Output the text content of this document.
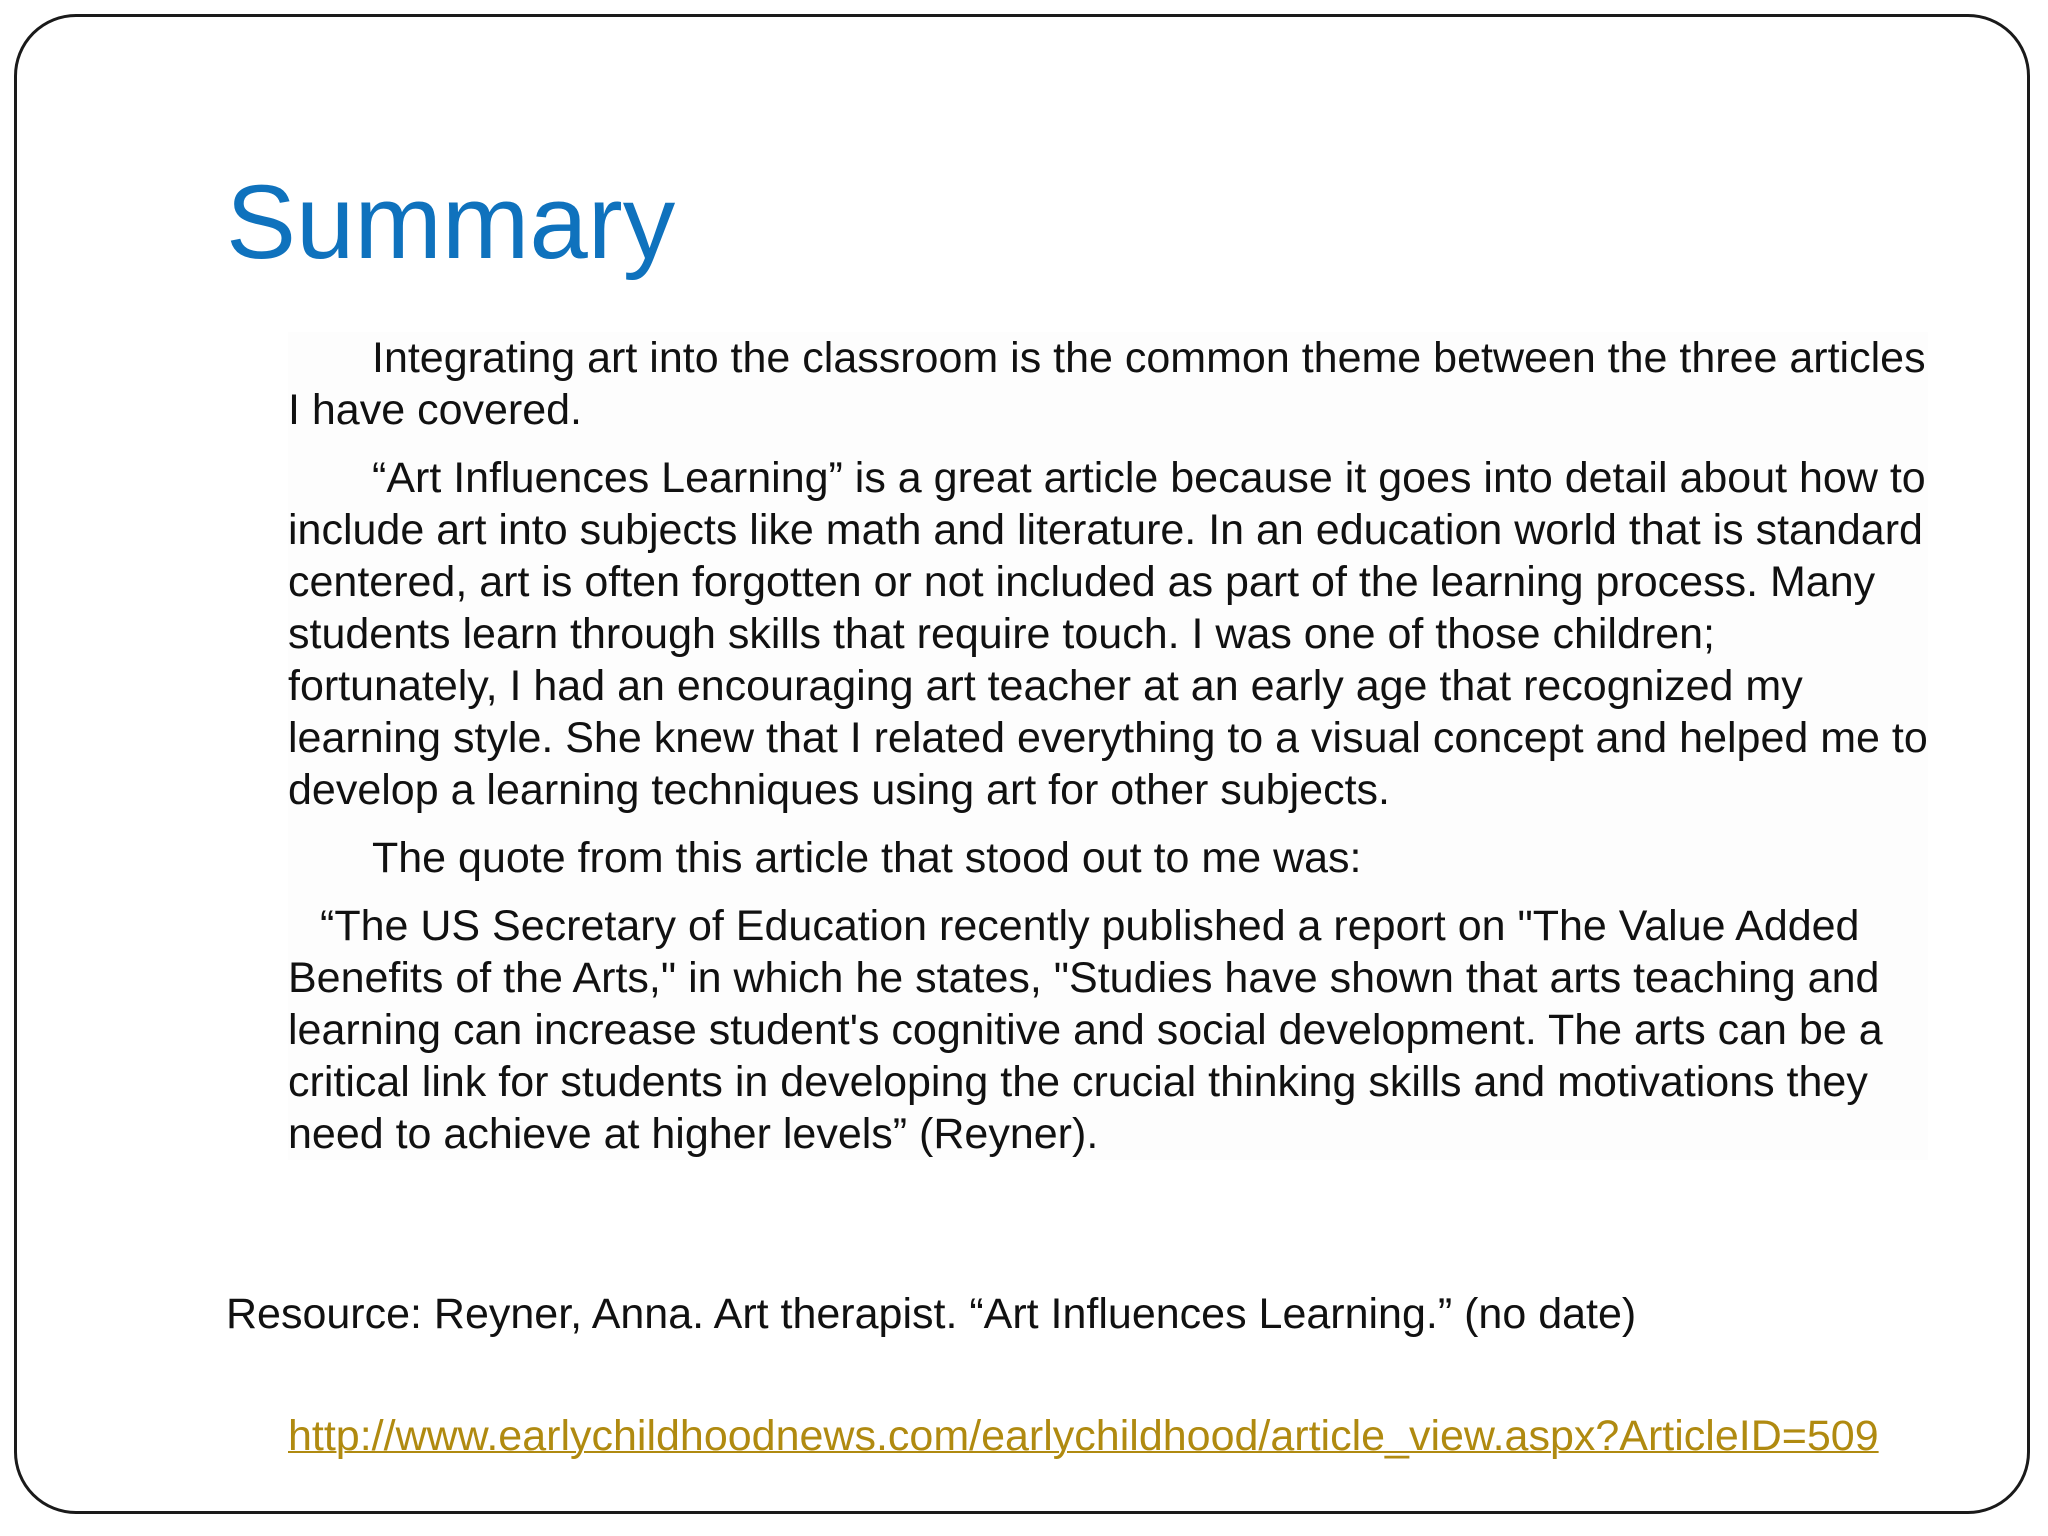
Summary

Integrating art into the classroom is the common theme between the three articles I have covered.

“Art Influences Learning” is a great article because it goes into detail about how to include art into subjects like math and literature. In an education world that is standard centered, art is often forgotten or not included as part of the learning process. Many students learn through skills that require touch. I was one of those children; fortunately, I had an encouraging art teacher at an early age that recognized my learning style. She knew that I related everything to a visual concept and helped me to develop a learning techniques using art for other subjects.

The quote from this article that stood out to me was:

“The US Secretary of Education recently published a report on "The Value Added Benefits of the Arts," in which he states, "Studies have shown that arts teaching and learning can increase student's cognitive and social development. The arts can be a critical link for students in developing the crucial thinking skills and motivations they need to achieve at higher levels” (Reyner).

Resource: Reyner, Anna. Art therapist. “Art Influences Learning.” (no date)
http://www.earlychildhoodnews.com/earlychildhood/article_view.aspx?ArticleID=509
